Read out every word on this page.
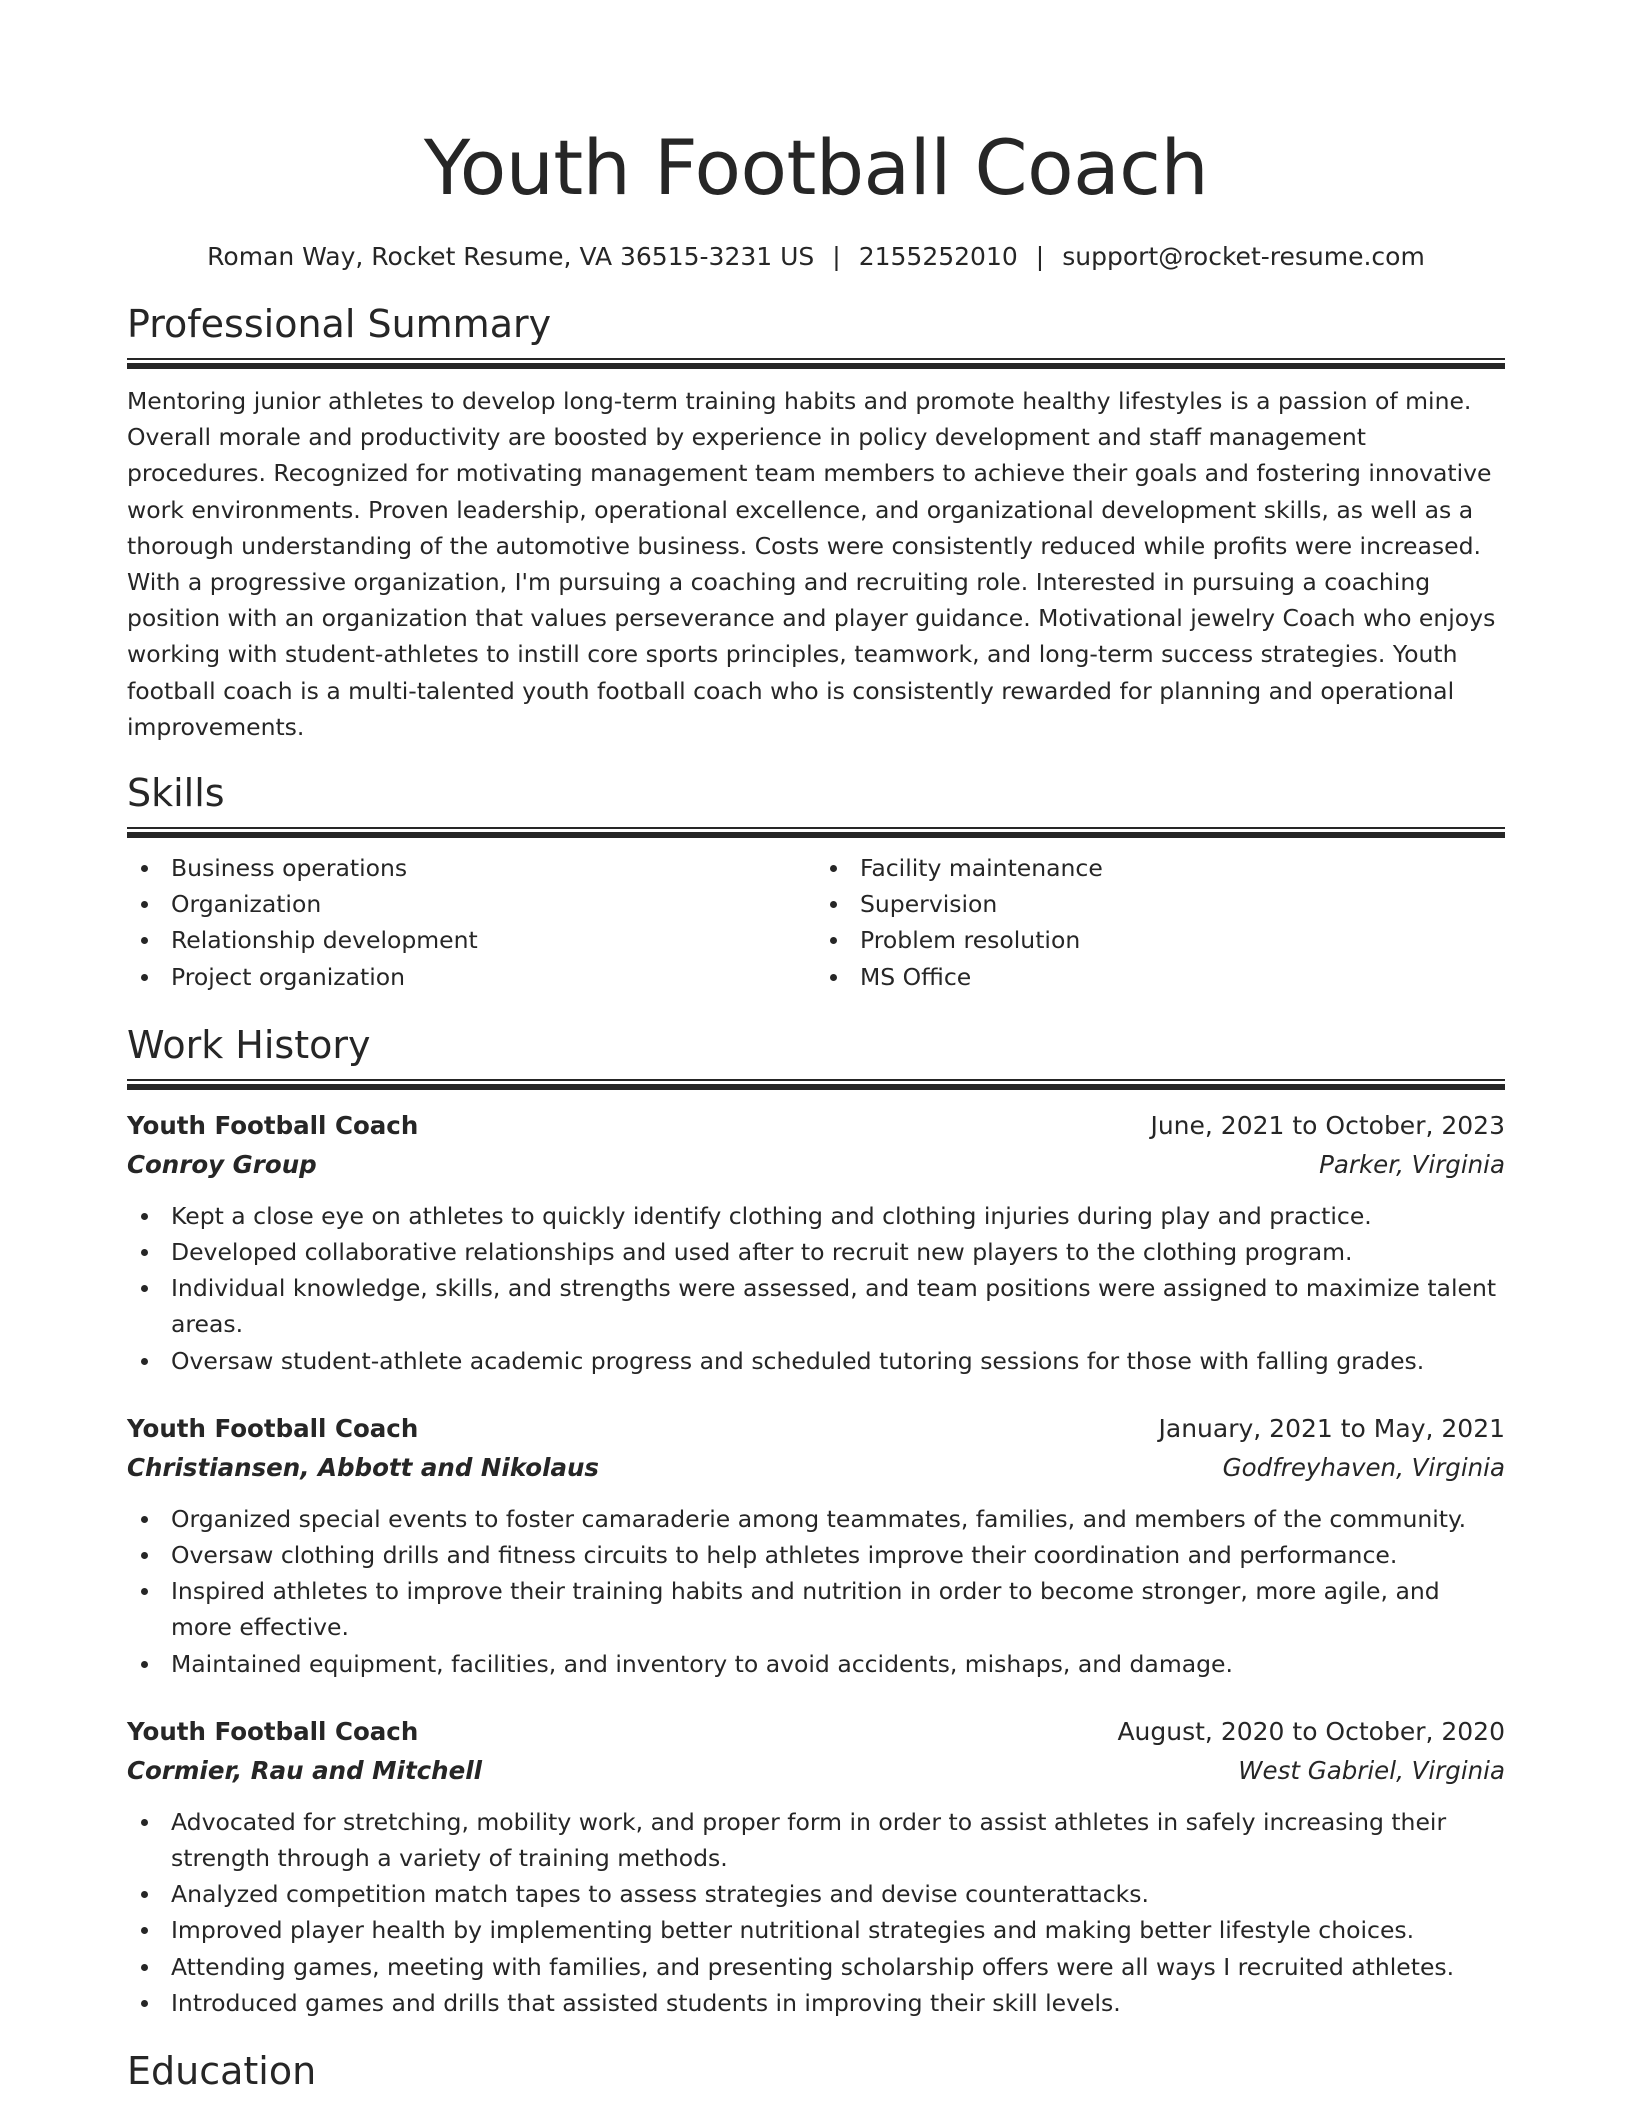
Youth Football Coach
Roman Way, Rocket Resume, VA 36515-3231 US | 2155252010 | support@rocket-resume.com
Professional Summary

Mentoring junior athletes to develop long-term training habits and promote healthy lifestyles is a passion of mine. Overall morale and productivity are boosted by experience in policy development and staff management procedures. Recognized for motivating management team members to achieve their goals and fostering innovative work environments. Proven leadership, operational excellence, and organizational development skills, as well as a thorough understanding of the automotive business. Costs were consistently reduced while profits were increased. With a progressive organization, I'm pursuing a coaching and recruiting role. Interested in pursuing a coaching position with an organization that values perseverance and player guidance. Motivational jewelry Coach who enjoys working with student-athletes to instill core sports principles, teamwork, and long-term success strategies. Youth football coach is a multi-talented youth football coach who is consistently rewarded for planning and operational improvements.

Skills
Business operations
Organization
Relationship development
Project organization
Facility maintenance
Supervision
Problem resolution
MS Office
Work History
Youth Football Coach	June, 2021 to October, 2023
Conroy Group	Parker, Virginia
Kept a close eye on athletes to quickly identify clothing and clothing injuries during play and practice.
Developed collaborative relationships and used after to recruit new players to the clothing program.
Individual knowledge, skills, and strengths were assessed, and team positions were assigned to maximize talent areas.
Oversaw student-athlete academic progress and scheduled tutoring sessions for those with falling grades.
Youth Football Coach	January, 2021 to May, 2021
Christiansen, Abbott and Nikolaus	Godfreyhaven, Virginia
Organized special events to foster camaraderie among teammates, families, and members of the community.
Oversaw clothing drills and fitness circuits to help athletes improve their coordination and performance.
Inspired athletes to improve their training habits and nutrition in order to become stronger, more agile, and more effective.
Maintained equipment, facilities, and inventory to avoid accidents, mishaps, and damage.
Youth Football Coach	August, 2020 to October, 2020
Cormier, Rau and Mitchell	West Gabriel, Virginia
Advocated for stretching, mobility work, and proper form in order to assist athletes in safely increasing their strength through a variety of training methods.
Analyzed competition match tapes to assess strategies and devise counterattacks.
Improved player health by implementing better nutritional strategies and making better lifestyle choices.
Attending games, meeting with families, and presenting scholarship offers were all ways I recruited athletes.
Introduced games and drills that assisted students in improving their skill levels.
Education
